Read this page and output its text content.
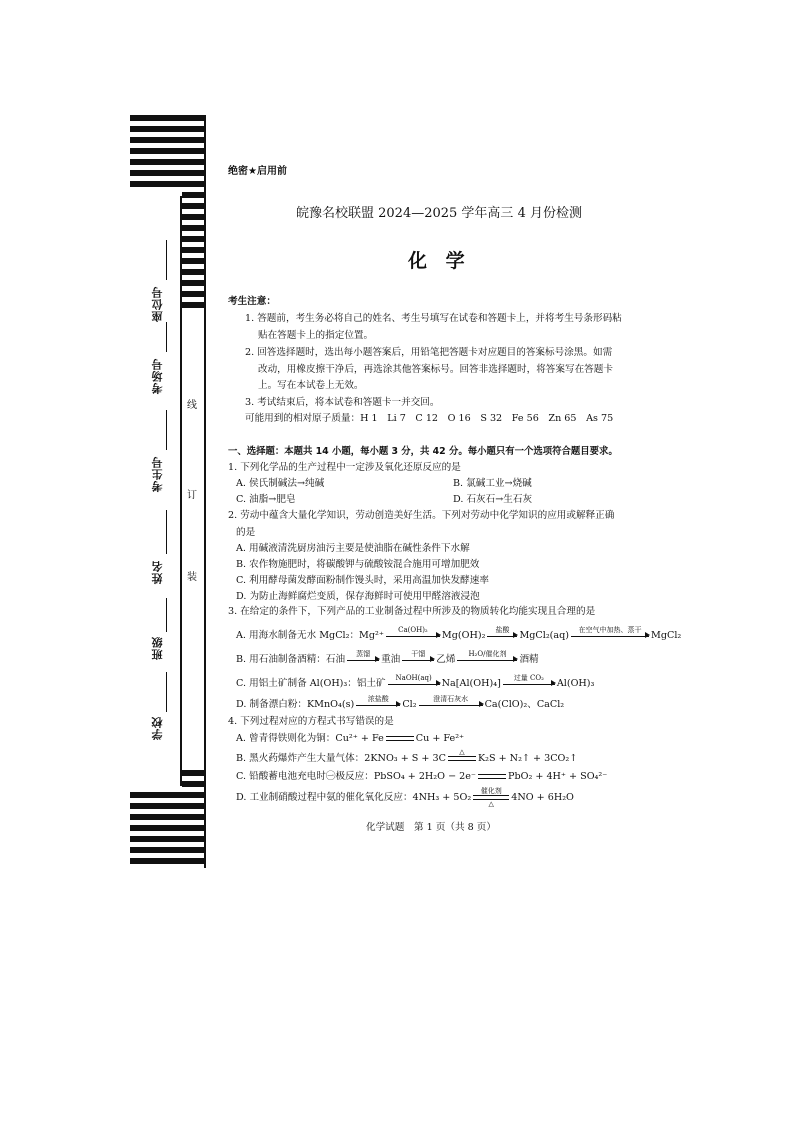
座位号
考场号
考生号
姓名
班级
学校
线
订
装
绝密★启用前
皖豫名校联盟 2024—2025 学年高三 4 月份检测
化 学
考生注意：
1. 答题前，考生务必将自己的姓名、考生号填写在试卷和答题卡上，并将考生号条形码粘
贴在答题卡上的指定位置。
2. 回答选择题时，选出每小题答案后，用铅笔把答题卡对应题目的答案标号涂黑。如需
改动，用橡皮擦干净后，再选涂其他答案标号。回答非选择题时，将答案写在答题卡
上。写在本试卷上无效。
3. 考试结束后，将本试卷和答题卡一并交回。
可能用到的相对原子质量：H 1　Li 7　C 12　O 16　S 32　Fe 56　Zn 65　As 75
一、选择题：本题共 14 小题，每小题 3 分，共 42 分。每小题只有一个选项符合题目要求。
1. 下列化学品的生产过程中一定涉及氧化还原反应的是
A. 侯氏制碱法→纯碱	B. 氯碱工业→烧碱
C. 油脂→肥皂	D. 石灰石→生石灰
2. 劳动中蕴含大量化学知识，劳动创造美好生活。下列对劳动中化学知识的应用或解释正确
的是
A. 用碱液清洗厨房油污主要是使油脂在碱性条件下水解
B. 农作物施肥时，将碳酸钾与硫酸铵混合施用可增加肥效
C. 利用酵母菌发酵面粉制作馒头时，采用高温加快发酵速率
D. 为防止海鲜腐烂变质，保存海鲜时可使用甲醛溶液浸泡
3. 在给定的条件下，下列产品的工业制备过程中所涉及的物质转化均能实现且合理的是
A. 用海水制备无水 MgCl₂：Mg²⁺
Ca(OH)₂
Mg(OH)₂
盐酸
MgCl₂(aq)
在空气中加热、蒸干
MgCl₂
B. 用石油制备酒精：石油
蒸馏
重油
干馏
乙烯
H₂O/催化剂
酒精
C. 用铝土矿制备 Al(OH)₃：铝土矿
NaOH(aq)
Na[Al(OH)₄]
过量 CO₂
Al(OH)₃
D. 制备漂白粉：KMnO₄(s)
浓盐酸
Cl₂
澄清石灰水
Ca(ClO)₂、CaCl₂
4. 下列过程对应的方程式书写错误的是
A. 曾青得铁则化为铜：Cu²⁺ + Fe	Cu + Fe²⁺
B. 黑火药爆炸产生大量气体：2KNO₃ + S + 3C
△
K₂S + N₂↑ + 3CO₂↑
C. 铅酸蓄电池充电时㊀极反应：PbSO₄ + 2H₂O − 2e⁻	PbO₂ + 4H⁺ + SO₄²⁻
D. 工业制硝酸过程中氨的催化氧化反应：4NH₃ + 5O₂
催化剂
△
4NO + 6H₂O
化学试题　第 1 页（共 8 页）
